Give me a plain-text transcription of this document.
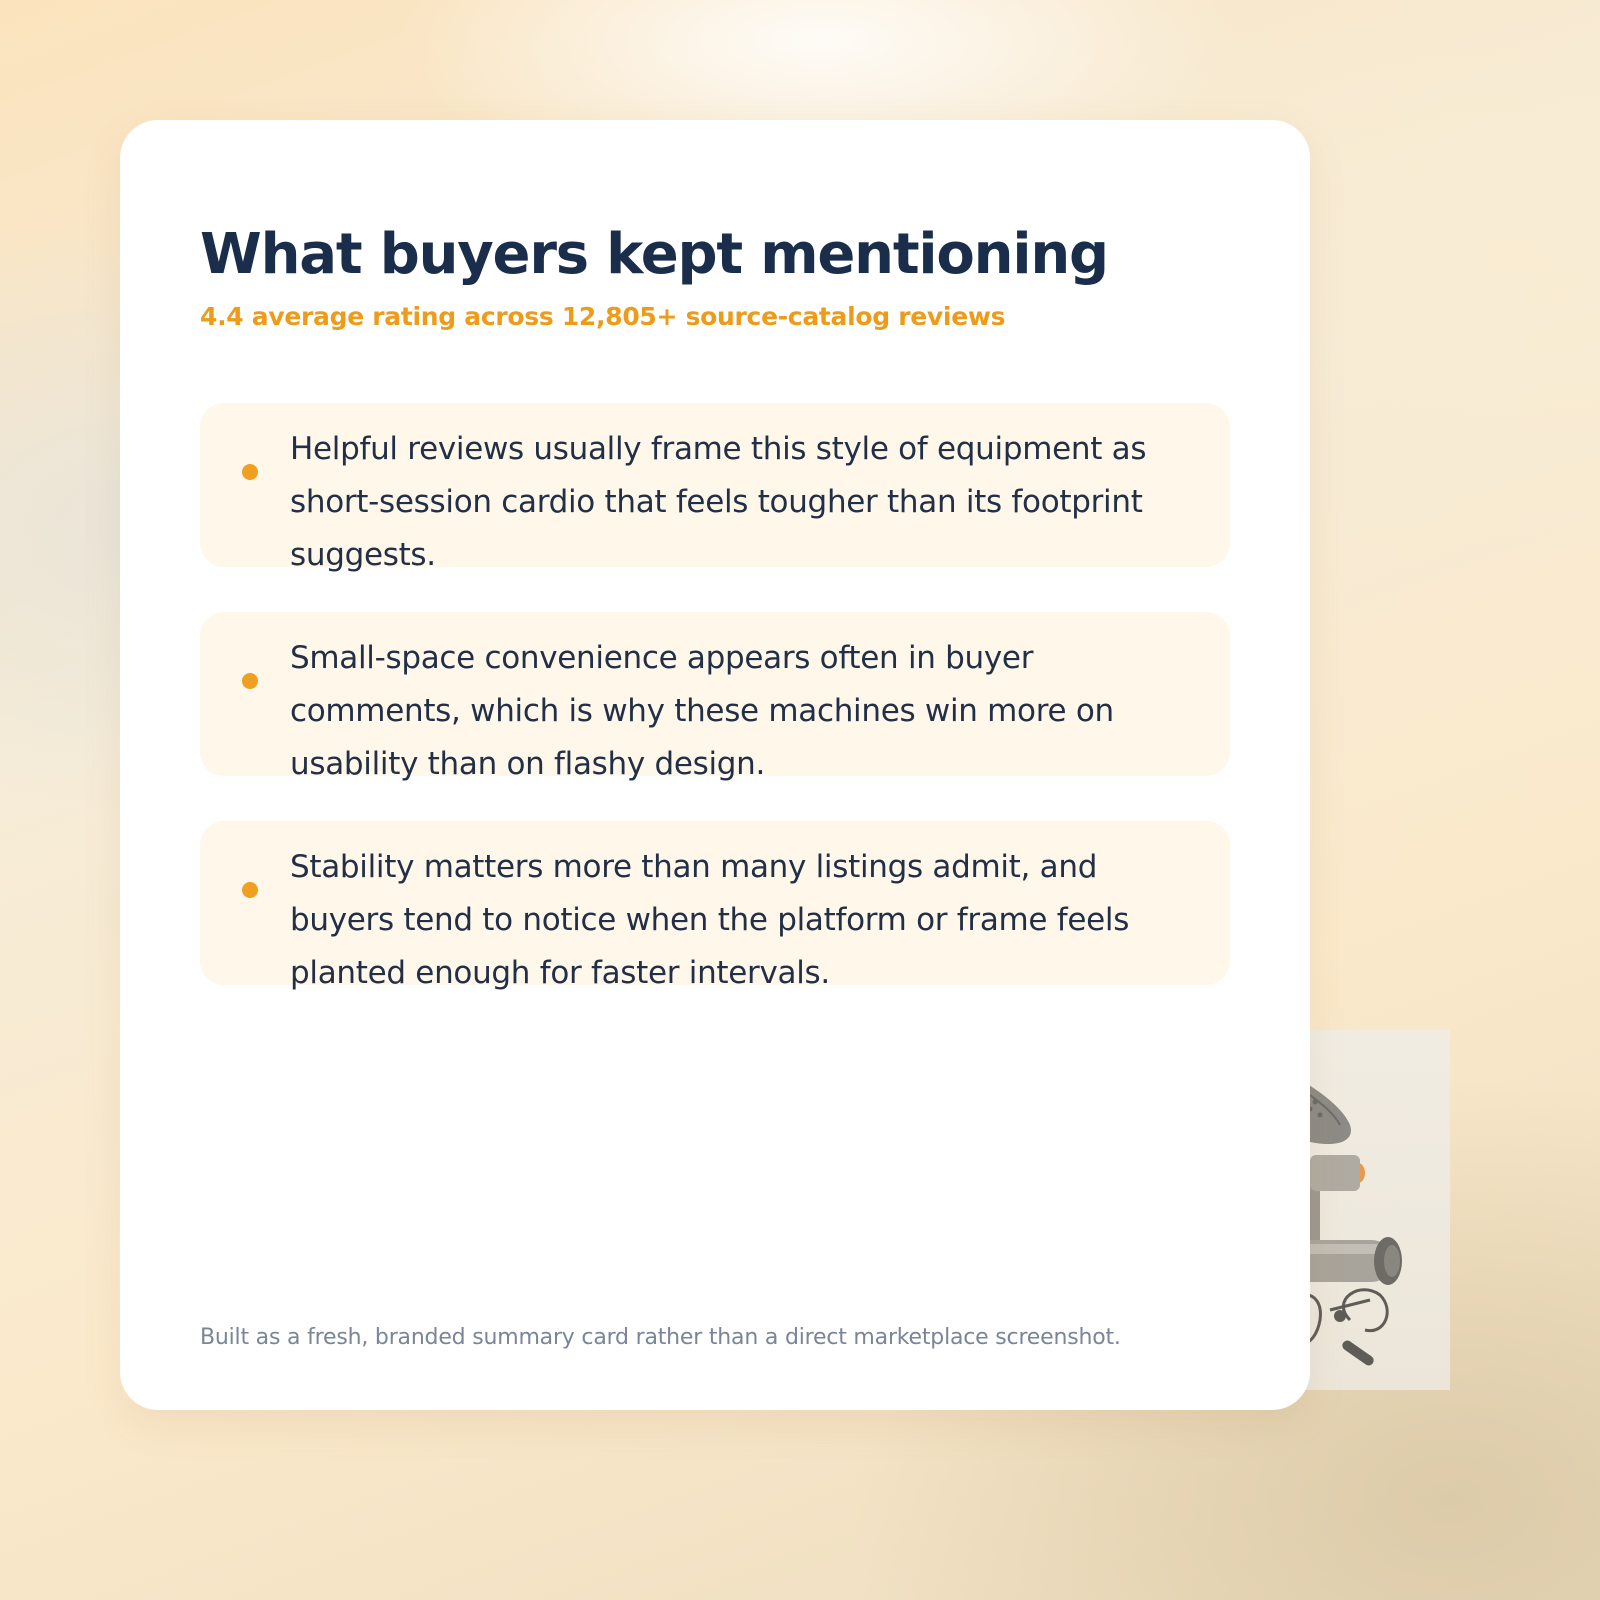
What buyers kept mentioning

4.4 average rating across 12,805+ source-catalog reviews

Helpful reviews usually frame this style of equipment as short-session cardio that feels tougher than its footprint suggests.

Small-space convenience appears often in buyer comments, which is why these machines win more on usability than on flashy design.

Stability matters more than many listings admit, and buyers tend to notice when the platform or frame feels planted enough for faster intervals.

Built as a fresh, branded summary card rather than a direct marketplace screenshot.
